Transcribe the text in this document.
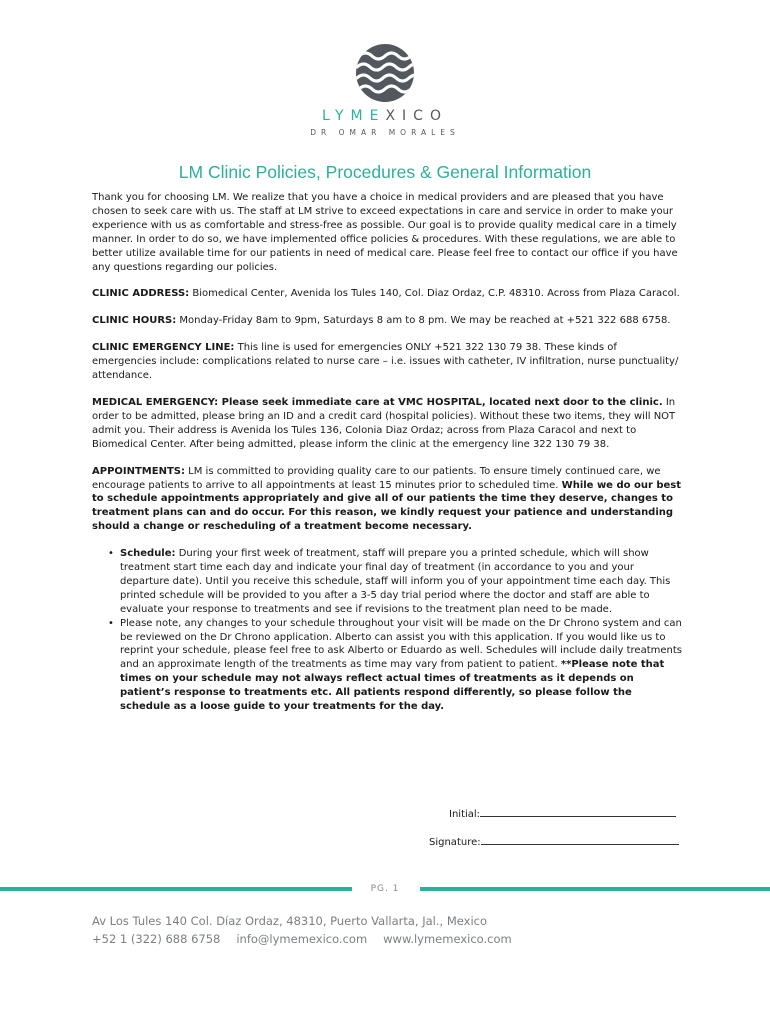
LYMEXICO
DR OMAR MORALES
LM Clinic Policies, Procedures & General Information

Thank you for choosing LM. We realize that you have a choice in medical providers and are pleased that you have chosen to seek care with us. The staff at LM strive to exceed expectations in care and service in order to make your experience with us as comfortable and stress-free as possible. Our goal is to provide quality medical care in a timely manner. In order to do so, we have implemented office policies & procedures. With these regulations, we are able to better utilize available time for our patients in need of medical care. Please feel free to contact our office if you have any questions regarding our policies.

CLINIC ADDRESS: Biomedical Center, Avenida los Tules 140, Col. Diaz Ordaz, C.P. 48310. Across from Plaza Caracol.

CLINIC HOURS: Monday-Friday 8am to 9pm, Saturdays 8 am to 8 pm. We may be reached at +521 322 688 6758.

CLINIC EMERGENCY LINE: This line is used for emergencies ONLY +521 322 130 79 38. These kinds of emergencies include: complications related to nurse care – i.e. issues with catheter, IV infiltration, nurse punctuality/ attendance.

MEDICAL EMERGENCY: Please seek immediate care at VMC HOSPITAL, located next door to the clinic. In order to be admitted, please bring an ID and a credit card (hospital policies). Without these two items, they will NOT admit you. Their address is Avenida los Tules 136, Colonia Diaz Ordaz; across from Plaza Caracol and next to Biomedical Center. After being admitted, please inform the clinic at the emergency line 322 130 79 38.

APPOINTMENTS: LM is committed to providing quality care to our patients. To ensure timely continued care, we encourage patients to arrive to all appointments at least 15 minutes prior to scheduled time. While we do our best to schedule appointments appropriately and give all of our patients the time they deserve, changes to treatment plans can and do occur. For this reason, we kindly request your patience and understanding should a change or rescheduling of a treatment become necessary.

• Schedule: During your first week of treatment, staff will prepare you a printed schedule, which will show treatment start time each day and indicate your final day of treatment (in accordance to you and your departure date). Until you receive this schedule, staff will inform you of your appointment time each day. This printed schedule will be provided to you after a 3-5 day trial period where the doctor and staff are able to evaluate your response to treatments and see if revisions to the treatment plan need to be made.
• Please note, any changes to your schedule throughout your visit will be made on the Dr Chrono system and can be reviewed on the Dr Chrono application. Alberto can assist you with this application. If you would like us to reprint your schedule, please feel free to ask Alberto or Eduardo as well. Schedules will include daily treatments and an approximate length of the treatments as time may vary from patient to patient. **Please note that times on your schedule may not always reflect actual times of treatments as it depends on patient’s response to treatments etc. All patients respond differently, so please follow the schedule as a loose guide to your treatments for the day.
Initial:
Signature:
PG. 1
Av Los Tules 140 Col. Díaz Ordaz, 48310, Puerto Vallarta, Jal., Mexico
+52 1 (322) 688 6758 info@lymemexico.com www.lymemexico.com
